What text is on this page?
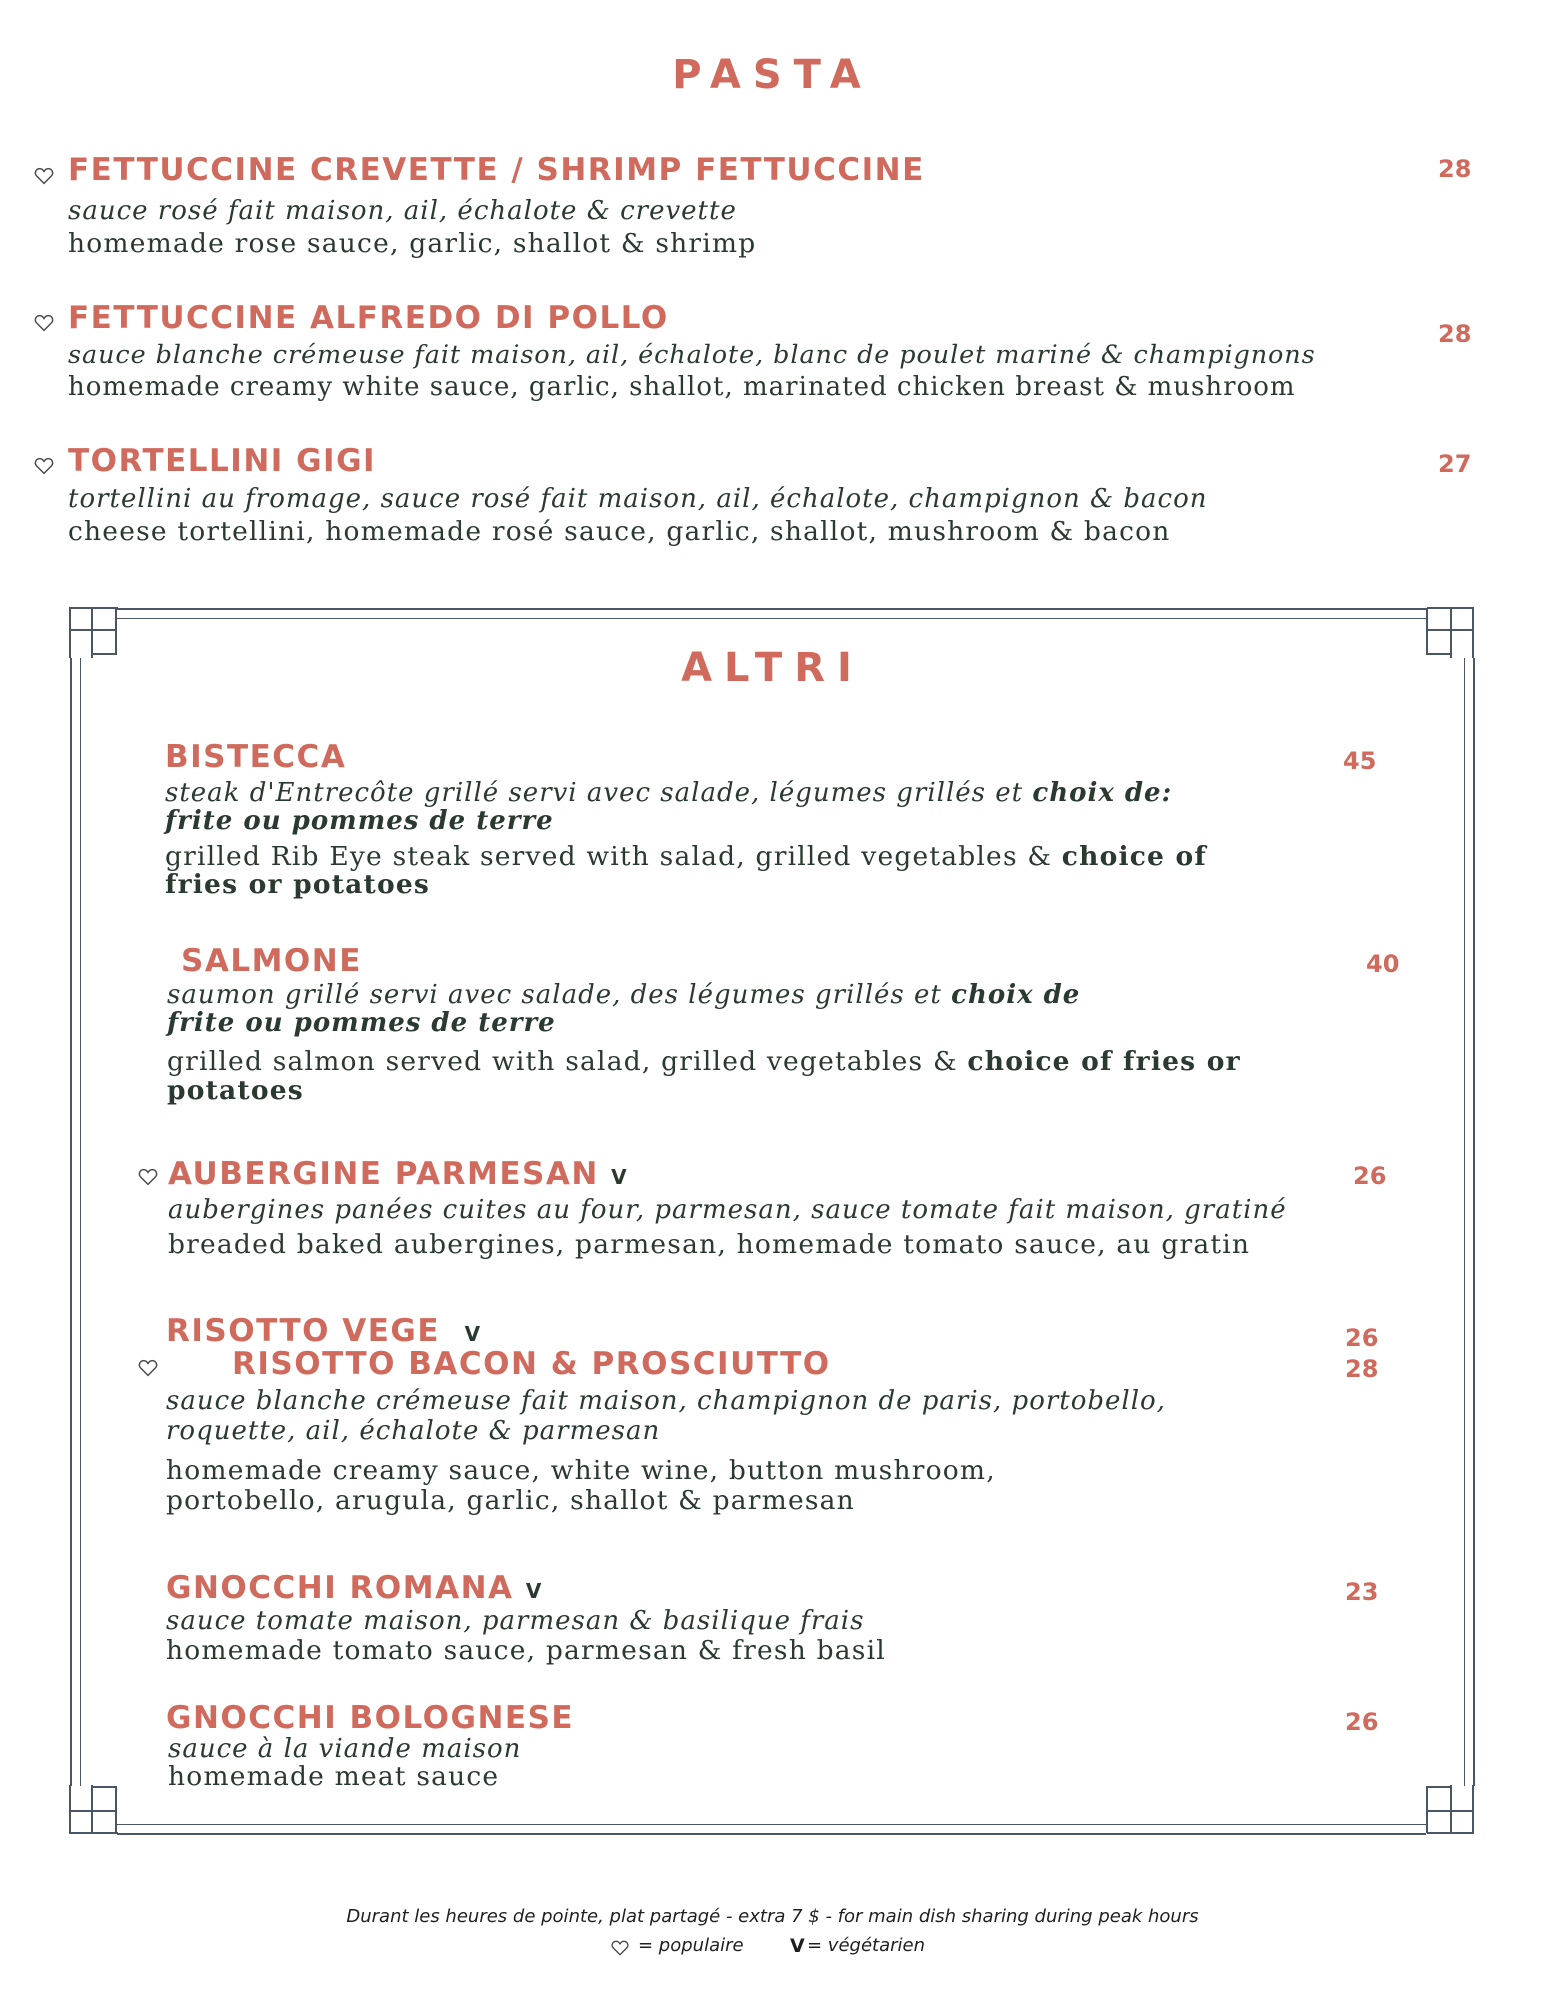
PASTA
FETTUCCINE CREVETTE / SHRIMP FETTUCCINE	28
sauce rosé fait maison, ail, échalote & crevette
homemade rose sauce, garlic, shallot & shrimp
FETTUCCINE ALFREDO DI POLLO	28
sauce blanche crémeuse fait maison, ail, échalote, blanc de poulet mariné & champignons
homemade creamy white sauce, garlic, shallot, marinated chicken breast & mushroom
TORTELLINI GIGI	27
tortellini au fromage, sauce rosé fait maison, ail, échalote, champignon & bacon
cheese tortellini, homemade rosé sauce, garlic, shallot, mushroom & bacon
ALTRI
BISTECCA	45
steak d'Entrecôte grillé servi avec salade, légumes grillés et choix de:
frite ou pommes de terre
grilled Rib Eye steak served with salad, grilled vegetables & choice of
fries or potatoes
SALMONE	40
saumon grillé servi avec salade, des légumes grillés et choix de
frite ou pommes de terre
grilled salmon served with salad, grilled vegetables & choice of fries or
potatoes
AUBERGINE PARMESAN V	26
aubergines panées cuites au four, parmesan, sauce tomate fait maison, gratiné
breaded baked aubergines, parmesan, homemade tomato sauce, au gratin
RISOTTO VEGE V	26
RISOTTO BACON & PROSCIUTTO	28
sauce blanche crémeuse fait maison, champignon de paris, portobello,
roquette, ail, échalote & parmesan
homemade creamy sauce, white wine, button mushroom,
portobello, arugula, garlic, shallot & parmesan
GNOCCHI ROMANA V	23
sauce tomate maison, parmesan & basilique frais
homemade tomato sauce, parmesan & fresh basil
GNOCCHI BOLOGNESE	26
sauce à la viande maison
homemade meat sauce
Durant les heures de pointe, plat partagé - extra 7 $ - for main dish sharing during peak hours
= populaire V = végétarien
